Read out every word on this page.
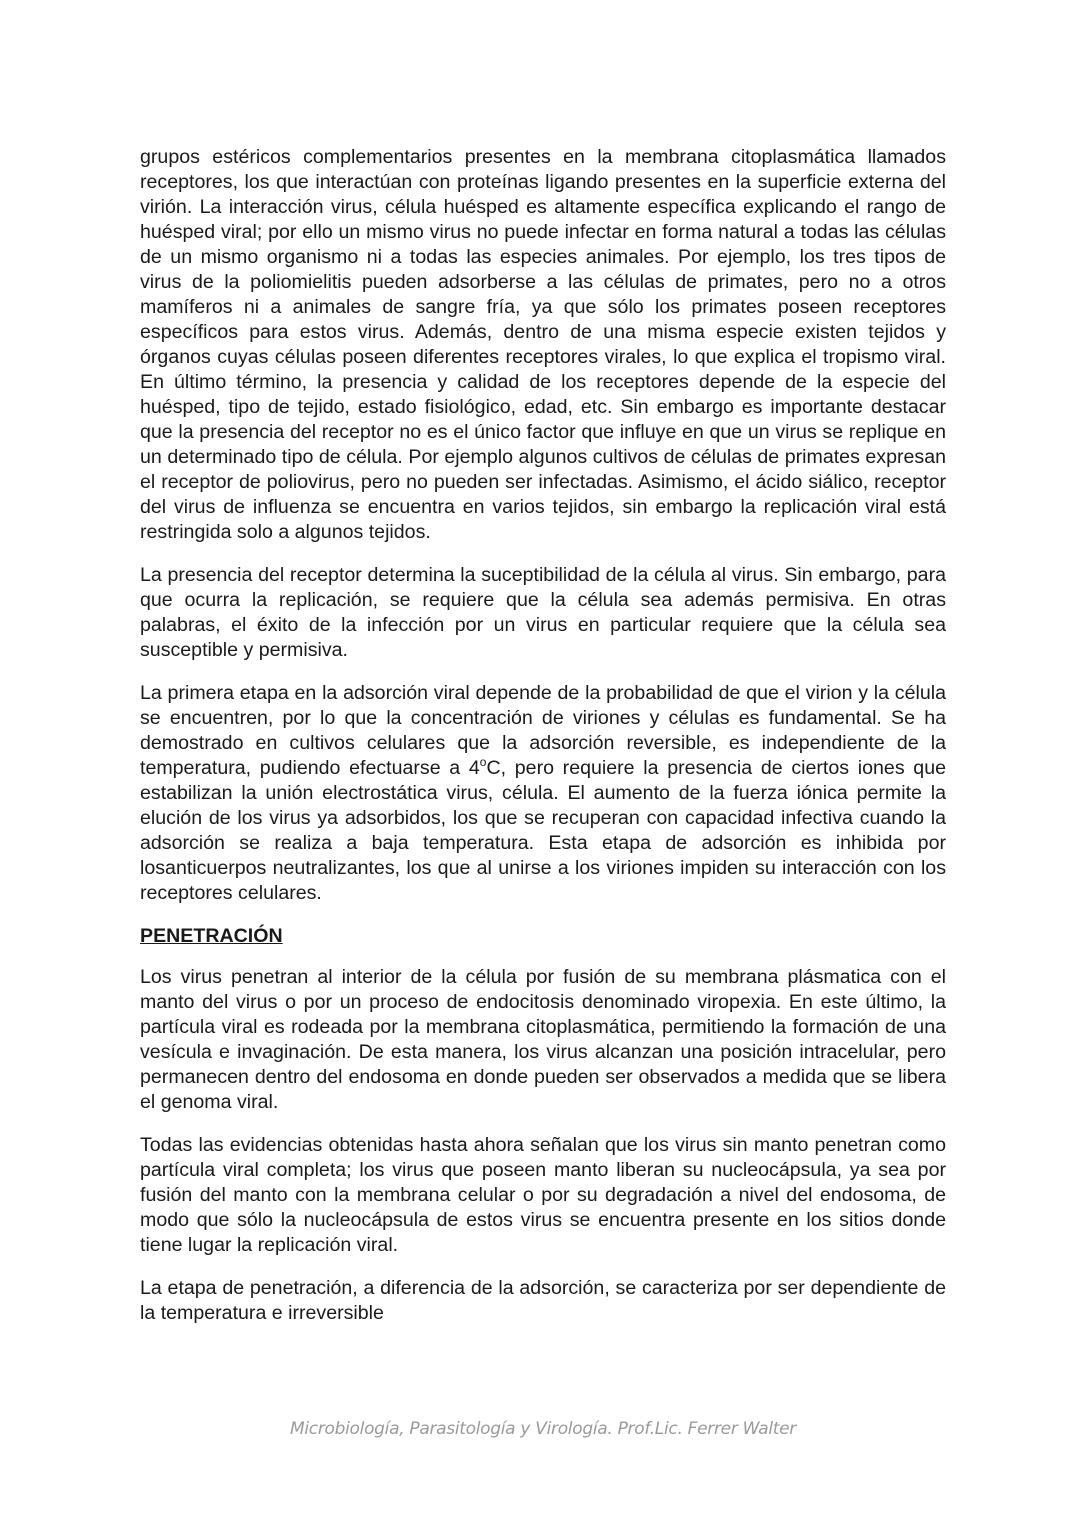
grupos estéricos complementarios presentes en la membrana citoplasmática llamados receptores, los que interactúan con proteínas ligando presentes en la superficie externa del virión. La interacción virus, célula huésped es altamente específica explicando el rango de huésped viral; por ello un mismo virus no puede infectar en forma natural a todas las células de un mismo organismo ni a todas las especies animales. Por ejemplo, los tres tipos de virus de la poliomielitis pueden adsorberse a las células de primates, pero no a otros mamíferos ni a animales de sangre fría, ya que sólo los primates poseen receptores específicos para estos virus. Además, dentro de una misma especie existen tejidos y órganos cuyas células poseen diferentes receptores virales, lo que explica el tropismo viral. En último término, la presencia y calidad de los receptores depende de la especie del huésped, tipo de tejido, estado fisiológico, edad, etc. Sin embargo es importante destacar que la presencia del receptor no es el único factor que influye en que un virus se replique en un determinado tipo de célula. Por ejemplo algunos cultivos de células de primates expresan el receptor de poliovirus, pero no pueden ser infectadas. Asimismo, el ácido siálico, receptor del virus de influenza se encuentra en varios tejidos, sin embargo la replicación viral está restringida solo a algunos tejidos.

La presencia del receptor determina la suceptibilidad de la célula al virus. Sin embargo, para que ocurra la replicación, se requiere que la célula sea además permisiva. En otras palabras, el éxito de la infección por un virus en particular requiere que la célula sea susceptible y permisiva.

La primera etapa en la adsorción viral depende de la probabilidad de que el virion y la célula se encuentren, por lo que la concentración de viriones y células es fundamental. Se ha demostrado en cultivos celulares que la adsorción reversible, es independiente de la temperatura, pudiendo efectuarse a 4$^o$C, pero requiere la presencia de ciertos iones que estabilizan la unión electrostática virus, célula. El aumento de la fuerza iónica permite la elución de los virus ya adsorbidos, los que se recuperan con capacidad infectiva cuando la adsorción se realiza a baja temperatura. Esta etapa de adsorción es inhibida por losanticuerpos neutralizantes, los que al unirse a los viriones impiden su interacción con los receptores celulares.

PENETRACIÓN

Los virus penetran al interior de la célula por fusión de su membrana plásmatica con el manto del virus o por un proceso de endocitosis denominado viropexia. En este último, la partícula viral es rodeada por la membrana citoplasmática, permitiendo la formación de una vesícula e invaginación. De esta manera, los virus alcanzan una posición intracelular, pero permanecen dentro del endosoma en donde pueden ser observados a medida que se libera el genoma viral.

Todas las evidencias obtenidas hasta ahora señalan que los virus sin manto penetran como partícula viral completa; los virus que poseen manto liberan su nucleocápsula, ya sea por fusión del manto con la membrana celular o por su degradación a nivel del endosoma, de modo que sólo la nucleocápsula de estos virus se encuentra presente en los sitios donde tiene lugar la replicación viral.

La etapa de penetración, a diferencia de la adsorción, se caracteriza por ser dependiente de la temperatura e irreversible

Microbiología, Parasitología y Virología. Prof.Lic. Ferrer Walter
